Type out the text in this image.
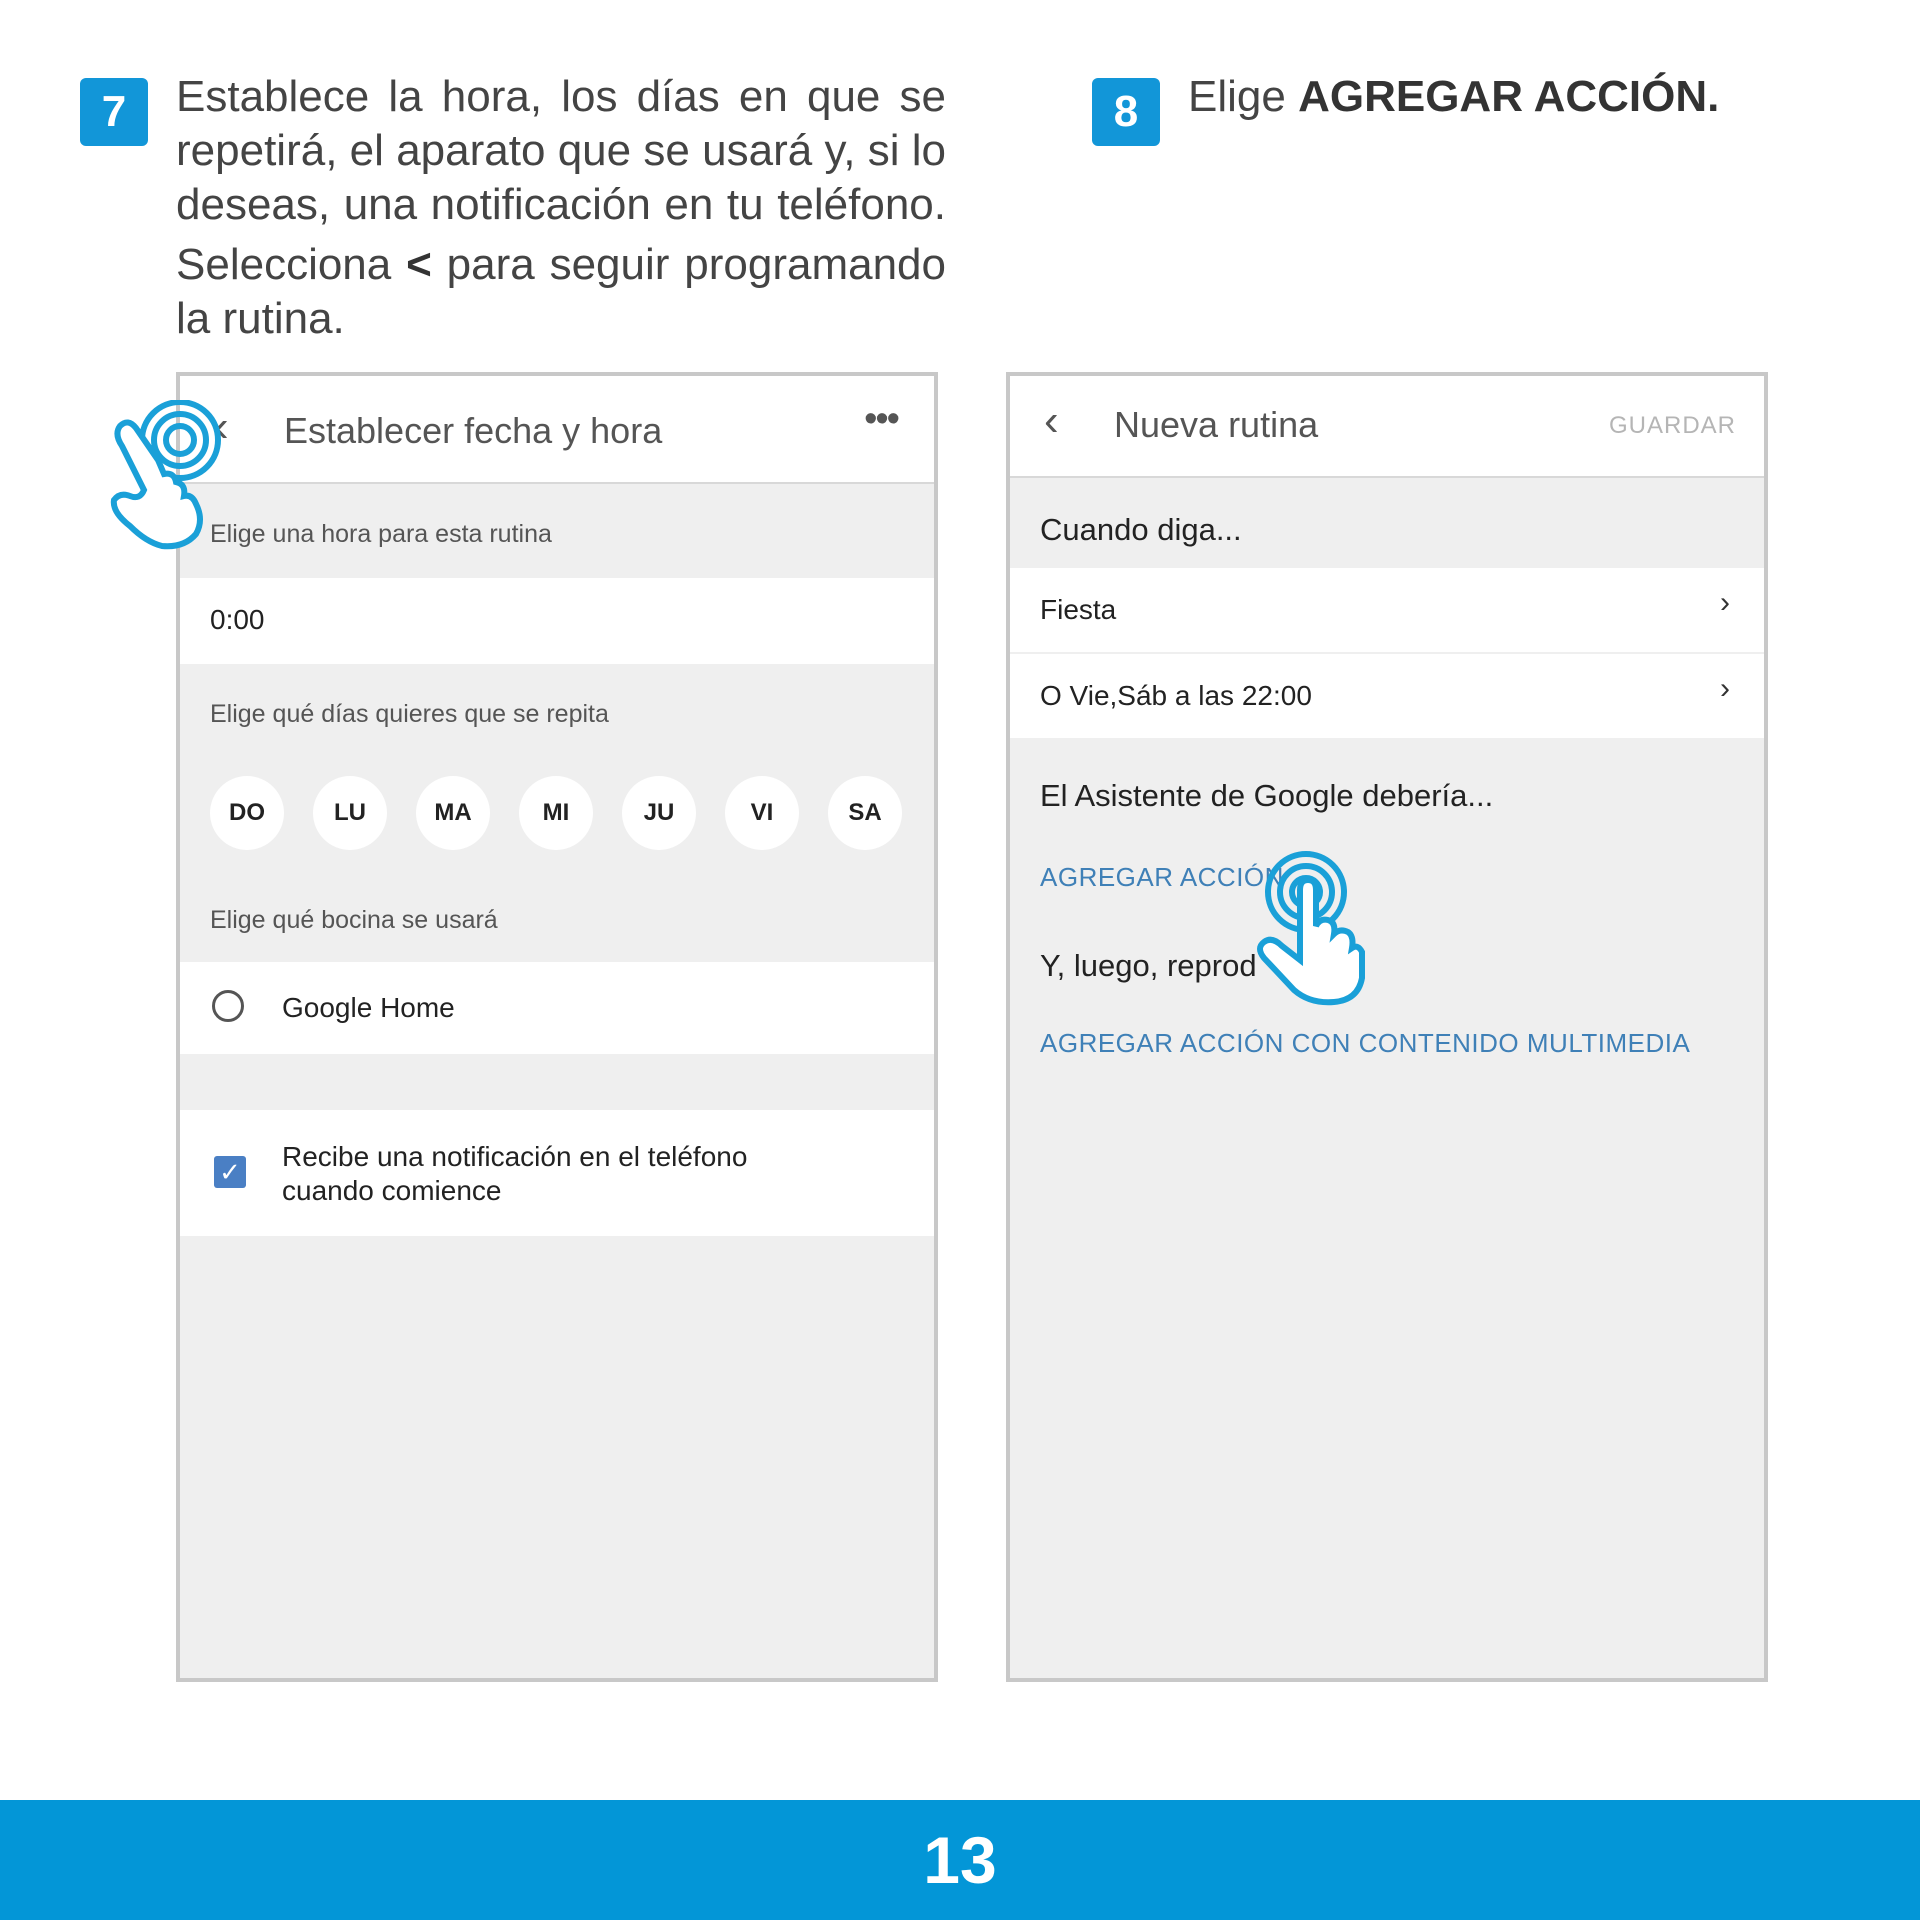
7	Establece la hora, los días en que se
repetirá, el aparato que se usará y, si lo
deseas, una notificación en tu teléfono.
Selecciona < para seguir programando
la rutina.
8	Elige AGREGAR ACCIÓN.
‹ Establecer fecha y hora	•••
Elige una hora para esta rutina
0:00
Elige qué días quieres que se repita
DO	LU	MA	MI	JU	VI	SA
Elige qué bocina se usará
Google Home
✓ Recibe una notificación en el teléfono
cuando comience
‹ Nueva rutina	GUARDAR
Cuando diga...
Fiesta	›
O Vie,Sáb a las 22:00	›
El Asistente de Google debería...
AGREGAR ACCIÓN
Y, luego, reprod
AGREGAR ACCIÓN CON CONTENIDO MULTIMEDIA
13
